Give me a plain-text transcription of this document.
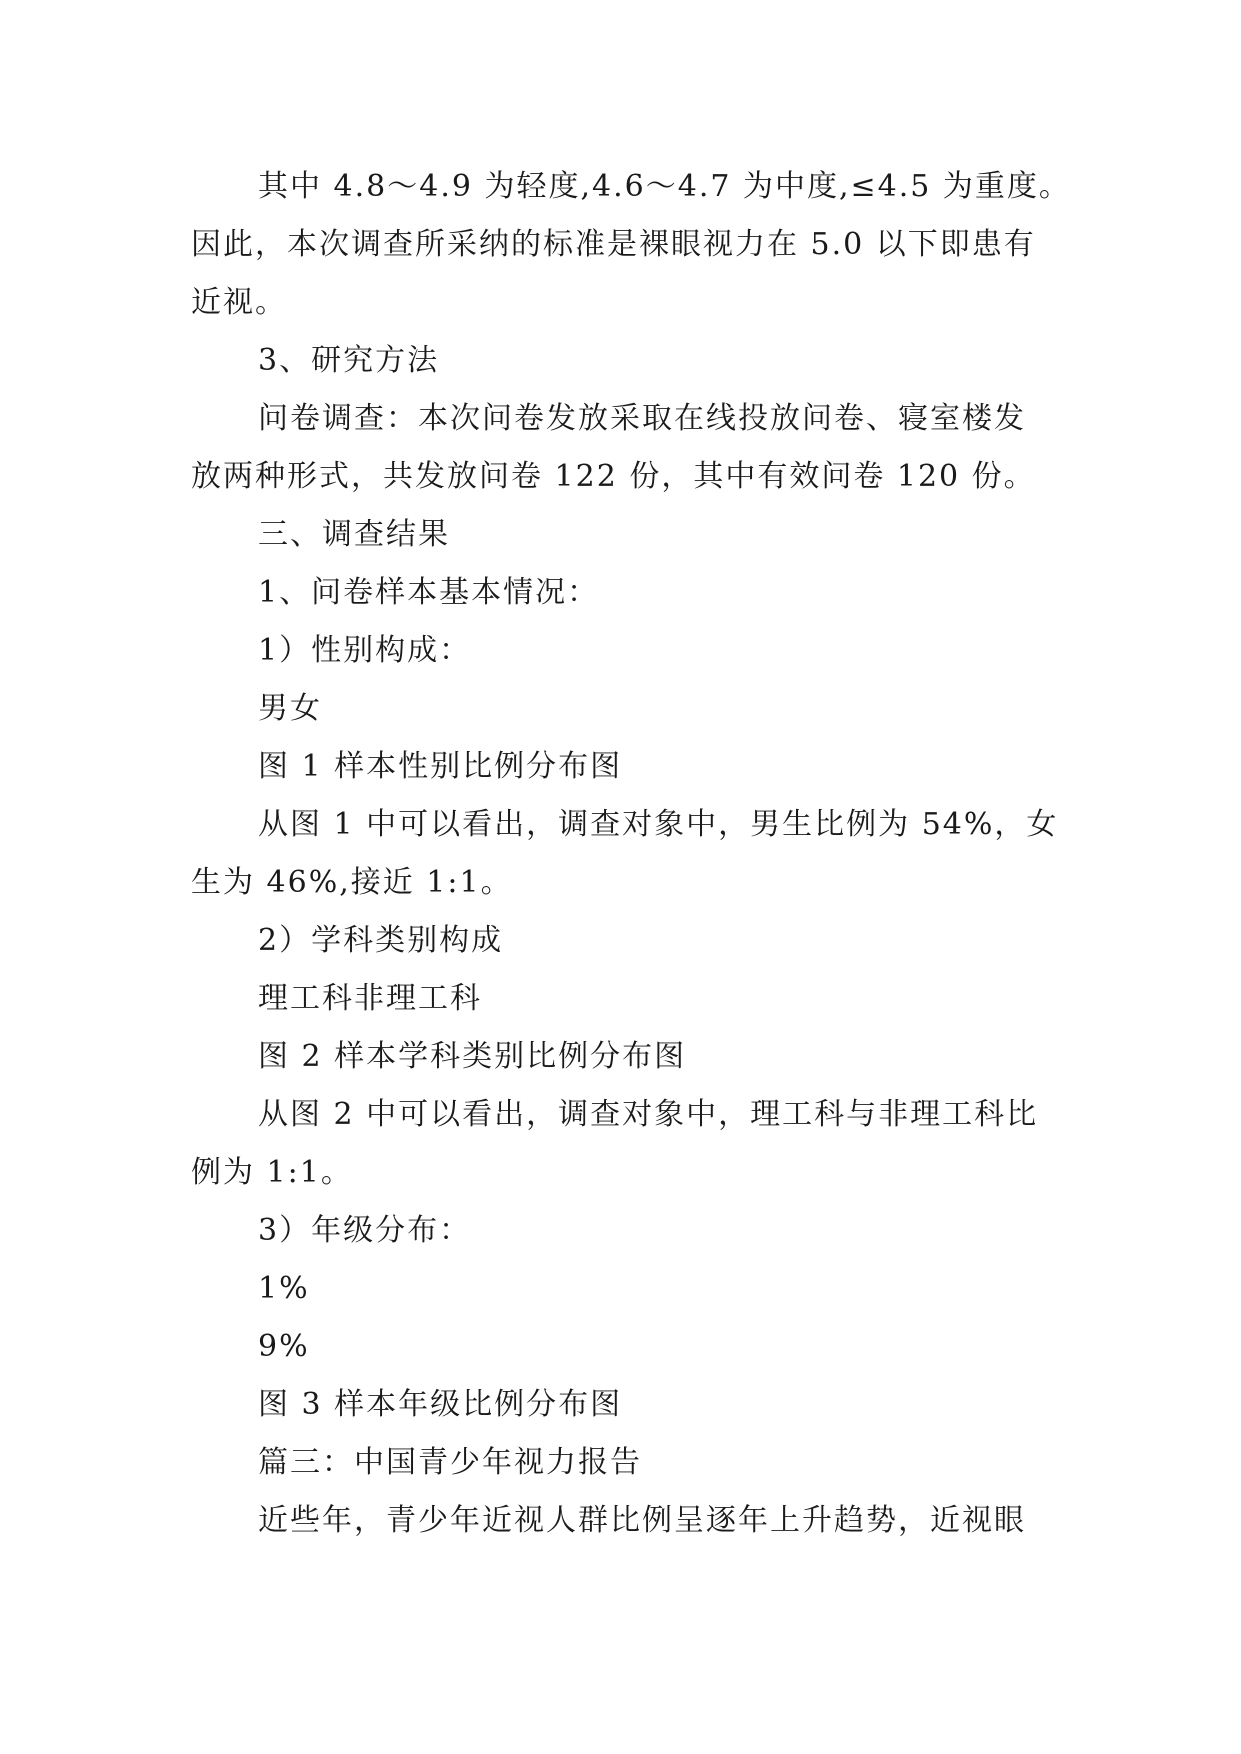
其中 4.8～4.9 为轻度,4.6～4.7 为中度,≤4.5 为重度。
因此，本次调查所采纳的标准是裸眼视力在 5.0 以下即患有
近视。
3、研究方法
问卷调查：本次问卷发放采取在线投放问卷、寝室楼发
放两种形式，共发放问卷 122 份，其中有效问卷 120 份。
三、调查结果
1、问卷样本基本情况：
1）性别构成：
男女
图 1 样本性别比例分布图
从图 1 中可以看出，调查对象中，男生比例为 54%，女
生为 46%,接近 1:1。
2）学科类别构成
理工科非理工科
图 2 样本学科类别比例分布图
从图 2 中可以看出，调查对象中，理工科与非理工科比
例为 1:1。
3）年级分布：
1%
9%
图 3 样本年级比例分布图
篇三：中国青少年视力报告
近些年，青少年近视人群比例呈逐年上升趋势，近视眼
